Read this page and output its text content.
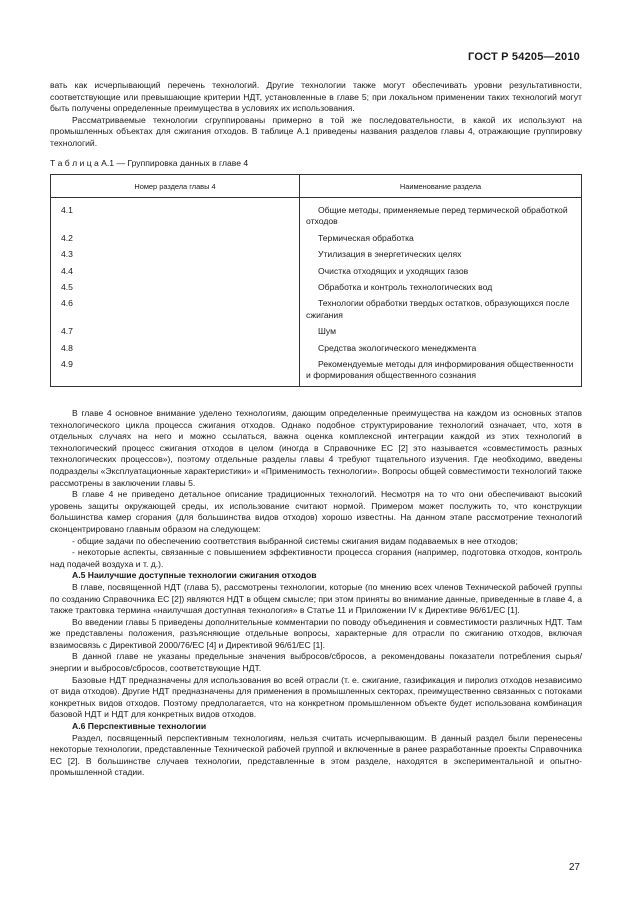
ГОСТ Р 54205—2010

вать как исчерпывающий перечень технологий. Другие технологии также могут обеспечивать уровни результативности, соответствующие или превышающие критерии НДТ, установленные в главе 5; при локальном применении таких технологий могут быть получены определенные преимущества в условиях их использования.

Рассматриваемые технологии сгруппированы примерно в той же последовательности, в какой их используют на промышленных объектах для сжигания отходов. В таблице А.1 приведены названия разделов главы 4, отражающие группировку технологий.

Т а б л и ц а А.1 — Группировка данных в главе 4
Номер раздела главы 4	Наименование раздела
4.1	Общие методы, применяемые перед термической обработкой отходов
4.2	Термическая обработка
4.3	Утилизация в энергетических целях
4.4	Очистка отходящих и уходящих газов
4.5	Обработка и контроль технологических вод
4.6	Технологии обработки твердых остатков, образующихся после сжигания
4.7	Шум
4.8	Средства экологического менеджмента
4.9	Рекомендуемые методы для информирования общественности и формирования общественного сознания

В главе 4 основное внимание уделено технологиям, дающим определенные преимущества на каждом из основных этапов технологического цикла процесса сжигания отходов. Однако подобное структурирование технологий означает, что, хотя в отдельных случаях на него и можно ссылаться, важна оценка комплексной интеграции каждой из этих технологий в технологический процесс сжигания отходов в целом (иногда в Справочнике ЕС [2] это называется «совместимость разных технологических процессов»), поэтому отдельные разделы главы 4 требуют тщательного изучения. Где необходимо, введены подразделы «Эксплуатационные характеристики» и «Применимость технологии». Вопросы общей совместимости технологий также рассмотрены в заключении главы 5.

В главе 4 не приведено детальное описание традиционных технологий. Несмотря на то что они обеспечивают высокий уровень защиты окружающей среды, их использование считают нормой. Примером может послужить то, что конструкции большинства камер сгорания (для большинства видов отходов) хорошо известны. На данном этапе рассмотрение технологий сконцентрировано главным образом на следующем:

- общие задачи по обеспечению соответствия выбранной системы сжигания видам подаваемых в нее отходов;

- некоторые аспекты, связанные с повышением эффективности процесса сгорания (например, подготовка отходов, контроль над подачей воздуха и т. д.).

А.5 Наилучшие доступные технологии сжигания отходов

В главе, посвященной НДТ (глава 5), рассмотрены технологии, которые (по мнению всех членов Технической рабочей группы по созданию Справочника ЕС [2]) являются НДТ в общем смысле; при этом приняты во внимание данные, приведенные в главе 4, а также трактовка термина «наилучшая доступная технология» в Статье 11 и Приложении IV к Директиве 96/61/ЕС [1].

Во введении главы 5 приведены дополнительные комментарии по поводу объединения и совместимости различных НДТ. Там же представлены положения, разъясняющие отдельные вопросы, характерные для отрасли по сжиганию отходов, включая взаимосвязь с Директивой 2000/76/ЕС [4] и Директивой 96/61/ЕС [1].

В данной главе не указаны предельные значения выбросов/сбросов, а рекомендованы показатели потребления сырья/энергии и выбросов/сбросов, соответствующие НДТ.

Базовые НДТ предназначены для использования во всей отрасли (т. е. сжигание, газификация и пиролиз отходов независимо от вида отходов). Другие НДТ предназначены для применения в промышленных секторах, преимущественно связанных с потоками конкретных видов отходов. Поэтому предполагается, что на конкретном промышленном объекте будет использована комбинация базовой НДТ и НДТ для конкретных видов отходов.

А.6 Перспективные технологии

Раздел, посвященный перспективным технологиям, нельзя считать исчерпывающим. В данный раздел были перенесены некоторые технологии, представленные Технической рабочей группой и включенные в ранее разработанные проекты Справочника ЕС [2]. В большинстве случаев технологии, представленные в этом разделе, находятся в экспериментальной и опытно-промышленной стадии.

27
